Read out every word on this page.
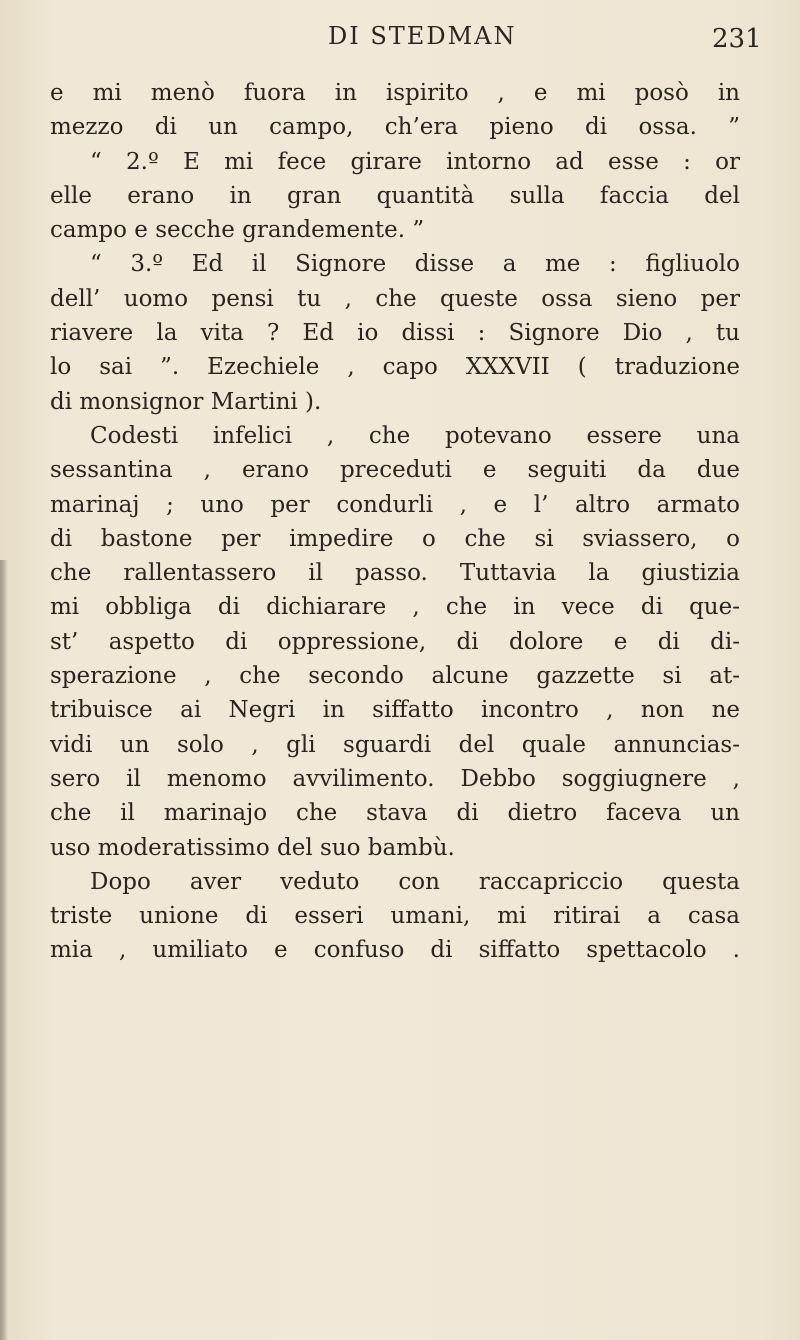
DI STEDMAN	231
e mi menò fuora in ispirito , e mi posò in
mezzo di un campo, ch’era pieno di ossa. ”
“ 2.º E mi fece girare intorno ad esse : or
elle erano in gran quantità sulla faccia del
campo e secche grandemente. ”
“ 3.º Ed il Signore disse a me : figliuolo
dell’ uomo pensi tu , che queste ossa sieno per
riavere la vita ? Ed io dissi : Signore Dio , tu
lo sai ”. Ezechiele , capo XXXVII ( traduzione
di monsignor Martini ).
Codesti infelici , che potevano essere una
sessantina , erano preceduti e seguiti da due
marinaj ; uno per condurli , e l’ altro armato
di bastone per impedire o che si sviassero, o
che rallentassero il passo. Tuttavia la giustizia
mi obbliga di dichiarare , che in vece di que-
st’ aspetto di oppressione, di dolore e di di-
sperazione , che secondo alcune gazzette si at-
tribuisce ai Negri in siffatto incontro , non ne
vidi un solo , gli sguardi del quale annuncias-
sero il menomo avvilimento. Debbo soggiugnere ,
che il marinajo che stava di dietro faceva un
uso moderatissimo del suo bambù.
Dopo aver veduto con raccapriccio questa
triste unione di esseri umani, mi ritirai a casa
mia , umiliato e confuso di siffatto spettacolo .
